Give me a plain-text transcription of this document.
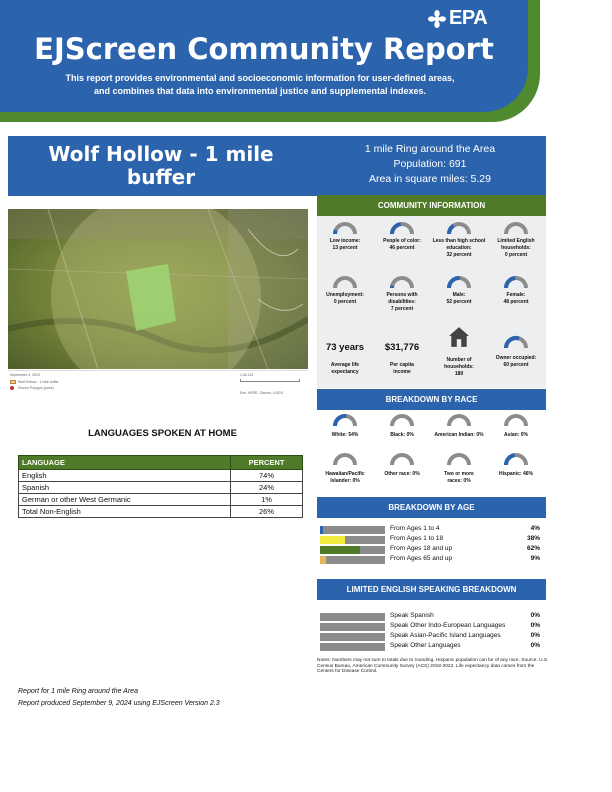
EPA
EJScreen Community Report
This report provides environmental and socioeconomic information for user-defined areas,
and combines that data into environmental justice and supplemental indexes.
Wolf Hollow - 1 mile
buffer
1 mile Ring around the Area
Population: 691
Area in square miles: 5.29
September 9, 2024
Wolf Hollow - 1 mile buffer
Source Polygon (point)
1:36,112
Esri, HERE, Garmin, USGS
LANGUAGES SPOKEN AT HOME
LANGUAGE	PERCENT
English	74%
Spanish	24%
German or other West Germanic	1%
Total Non-English	26%
COMMUNITY INFORMATION
Low income:
13 percent
People of color:
46 percent
Less than high school education:
32 percent
Limited English households:
0 percent
Unemployment:
0 percent
Persons with disabilities:
7 percent
Male:
52 percent
Female:
48 percent
73 years
Average life expectancy
$31,776
Per capita income
Number of households:
189
Owner occupied:
60 percent
BREAKDOWN BY RACE
White: 54%	Black: 0%	American Indian: 0%	Asian: 0%
Hawaiian/Pacific
Islander: 0%
Other race: 0%	Two or more
races: 0%
Hispanic: 46%
BREAKDOWN BY AGE
From Ages 1 to 4	4%
From Ages 1 to 18	38%
From Ages 18 and up	62%
From Ages 65 and up	9%
LIMITED ENGLISH SPEAKING BREAKDOWN
Speak Spanish	0%
Speak Other Indo-European Languages	0%
Speak Asian-Pacific Island Languages	0%
Speak Other Languages	0%
Notes: Numbers may not sum to totals due to rounding. Hispanic population can be of any race. Source: U.S. Census Bureau, American Community Survey (ACS) 2018-2022. Life expectancy data comes from the Centers for Disease Control.
Report for 1 mile Ring around the Area
Report produced September 9, 2024 using EJScreen Version 2.3
